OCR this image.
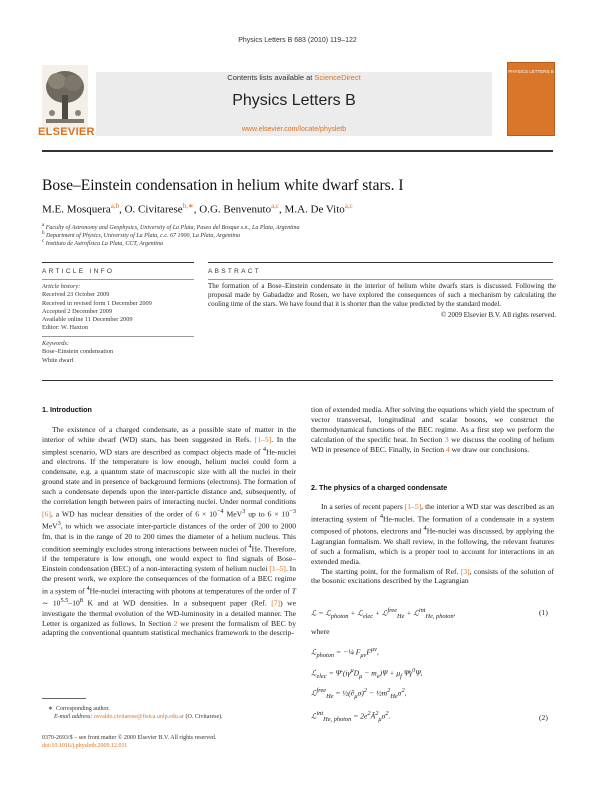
Physics Letters B 683 (2010) 119–122
ELSEVIER
Contents lists available at ScienceDirect
Physics Letters B
www.elsevier.com/locate/physletb
PHYSICS LETTERS B
Bose–Einstein condensation in helium white dwarf stars. I
M.E. Mosquera$^{a,b}$, O. Civitarese$^{b,∗}$, O.G. Benvenuto$^{a,c}$, M.A. De Vito$^{a,c}$
$^a$ Faculty of Astronomy and Geophysics, University of La Plata, Paseo del Bosque s.n., La Plata, Argentina
$^b$ Department of Physics, University of La Plata, c.c. 67 1900, La Plata, Argentina
$^c$ Instituto de Astrofísica La Plata, CCT, Argentina
ARTICLE INFO	ABSTRACT
Article history:
Received 23 October 2009
Received in revised form 1 December 2009
Accepted 2 December 2009
Available online 11 December 2009
Editor: W. Haxton
Keywords:
Bose–Einstein condensation
White dwarf
The formation of a Bose–Einstein condensate in the interior of helium white dwarfs stars is discussed. Following the proposal made by Gabadadze and Rosen, we have explored the consequences of such a mechanism by calculating the cooling time of the stars. We have found that it is shorter than the value predicted by the standard model.
© 2009 Elsevier B.V. All rights reserved.
1. Introduction

The existence of a charged condensate, as a possible state of matter in the interior of white dwarf (WD) stars, has been suggested in Refs. [1–5]. In the simplest scenario, WD stars are described as compact objects made of $^4$He-nuclei and electrons. If the temperature is low enough, helium nuclei could form a condensate, e.g. a quantum state of macroscopic size with all the nuclei in their ground state and in presence of background fermions (electrons). The formation of such a condensate depends upon the inter-particle distance and, subsequently, of the correlation length between pairs of interacting nuclei. Under normal conditions [6], a WD has nuclear densities of the order of $6 \times 10^{-4}$ MeV$^3$ up to $6 \times 10^{-3}$ MeV$^3$, to which we associate inter-particle distances of the order of 200 to 2000 fm, that is in the range of 20 to 200 times the diameter of a helium nucleus. This condition seemingly excludes strong interactions between nuclei of $^4$He. Therefore, if the temperature is low enough, one would expect to find signals of Bose–Einstein condensation (BEC) of a non-interacting system of helium nuclei [1–5]. In the present work, we explore the consequences of the formation of a BEC regime in a system of $^4$He-nuclei interacting with photons at temperatures of the order of T ∼ $10^{5.5}-10^8$ K and at WD densities. In a subsequent paper (Ref. [7]) we investigate the thermal evolution of the WD-luminosity in a detailed manner. The Letter is organized as follows. In Section 2 we present the formalism of BEC by adapting the conventional quantum statistical mechanics framework to the descrip-

∗  Corresponding author.
E-mail address: osvaldo.civitarese@fisica.unlp.edu.ar (O. Civitarese).
0370-2693/$ – see front matter © 2009 Elsevier B.V. All rights reserved.
doi:10.1016/j.physletb.2009.12.011

tion of extended media. After solving the equations which yield the spectrum of vector transversal, longitudinal and scalar bosons, we construct the thermodynamical functions of the BEC regime. As a first step we perform the calculation of the specific heat. In Section 3 we discuss the cooling of helium WD in presence of BEC. Finally, in Section 4 we draw our conclusions.

2. The physics of a charged condensate

In a series of recent papers [1–5], the interior a WD star was described as an interacting system of $^4$He-nuclei. The formation of a condensate in a system composed of photons, electrons and $^4$He-nuclei was discussed, by applying the Lagrangian formalism. We shall review, in the following, the relevant features of such a formalism, which is a proper tool to account for interactions in an extended media.

The starting point, for the formalism of Ref. [3], consists of the solution of the bosonic excitations described by the Lagrangian

ℒ = ℒ$_{photon}$ + ℒ$_{elec}$ + ℒ$^{free}_{He}$ + ℒ$^{int}_{He, photon}$,	(1)
where
ℒ$_{photon}$ = −¼ $F_{\mu\nu}F^{\mu\nu}$,
ℒ$_{elec}$ = Ψ̄ $(i\gamma^\mu D_\mu - m_e)\Psi + \mu_f$ $\Psī\gamma^0\Psi$,
ℒ$^{free}_{He}$ = $\frac{1}{2}(\partial_\mu\sigma)^2$ − $\frac{1}{2}m^2_{He}\sigma^2$,
ℒ$^{int}_{He, photon}$ = $2e^2Ã^2_\mu\sigma^2$.	(2)
